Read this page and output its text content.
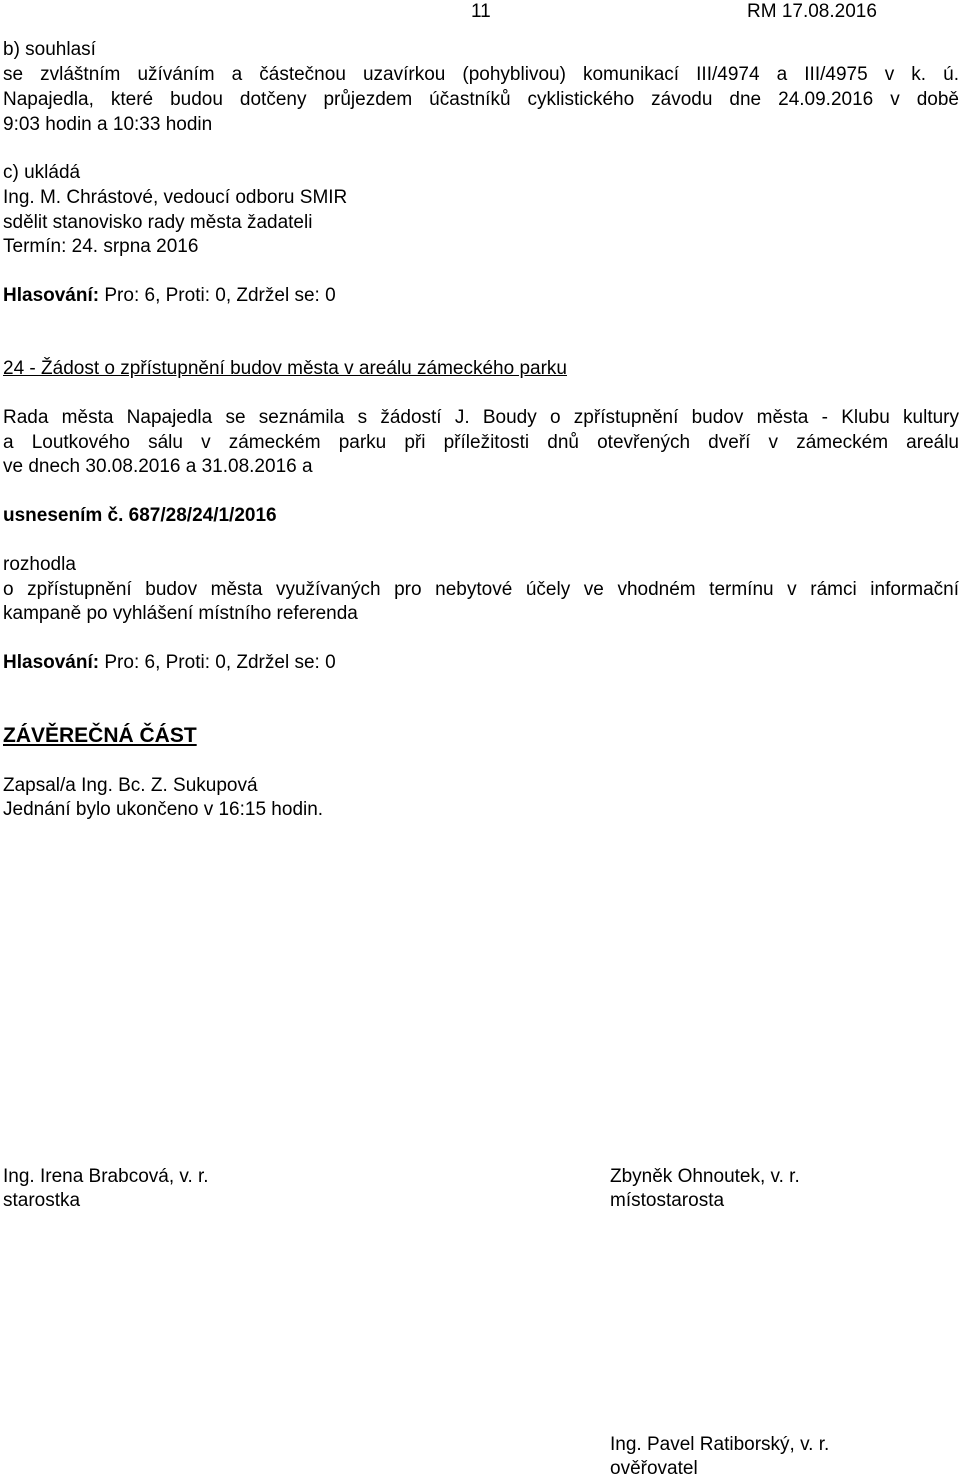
11	RM 17.08.2016
b) souhlasí
se zvláštním užíváním a částečnou uzavírkou (pohyblivou) komunikací III/4974 a III/4975 v k. ú.
Napajedla, které budou dotčeny průjezdem účastníků cyklistického závodu dne 24.09.2016 v době
9:03 hodin a 10:33 hodin
c) ukládá
Ing. M. Chrástové, vedoucí odboru SMIR
sdělit stanovisko rady města žadateli
Termín: 24. srpna 2016
Hlasování: Pro: 6, Proti: 0, Zdržel se: 0
24 - Žádost o zpřístupnění budov města v areálu zámeckého parku
Rada města Napajedla se seznámila s žádostí J. Boudy o zpřístupnění budov města - Klubu kultury
a Loutkového sálu v zámeckém parku při příležitosti dnů otevřených dveří v zámeckém areálu
ve dnech 30.08.2016 a 31.08.2016 a
usnesením č. 687/28/24/1/2016
rozhodla
o zpřístupnění budov města využívaných pro nebytové účely ve vhodném termínu v rámci informační
kampaně po vyhlášení místního referenda
Hlasování: Pro: 6, Proti: 0, Zdržel se: 0
ZÁVĚREČNÁ ČÁST
Zapsal/a Ing. Bc. Z. Sukupová
Jednání bylo ukončeno v 16:15 hodin.
Ing. Irena Brabcová, v. r.
starostka
Zbyněk Ohnoutek, v. r.
místostarosta
Ing. Pavel Ratiborský, v. r.
ověřovatel
